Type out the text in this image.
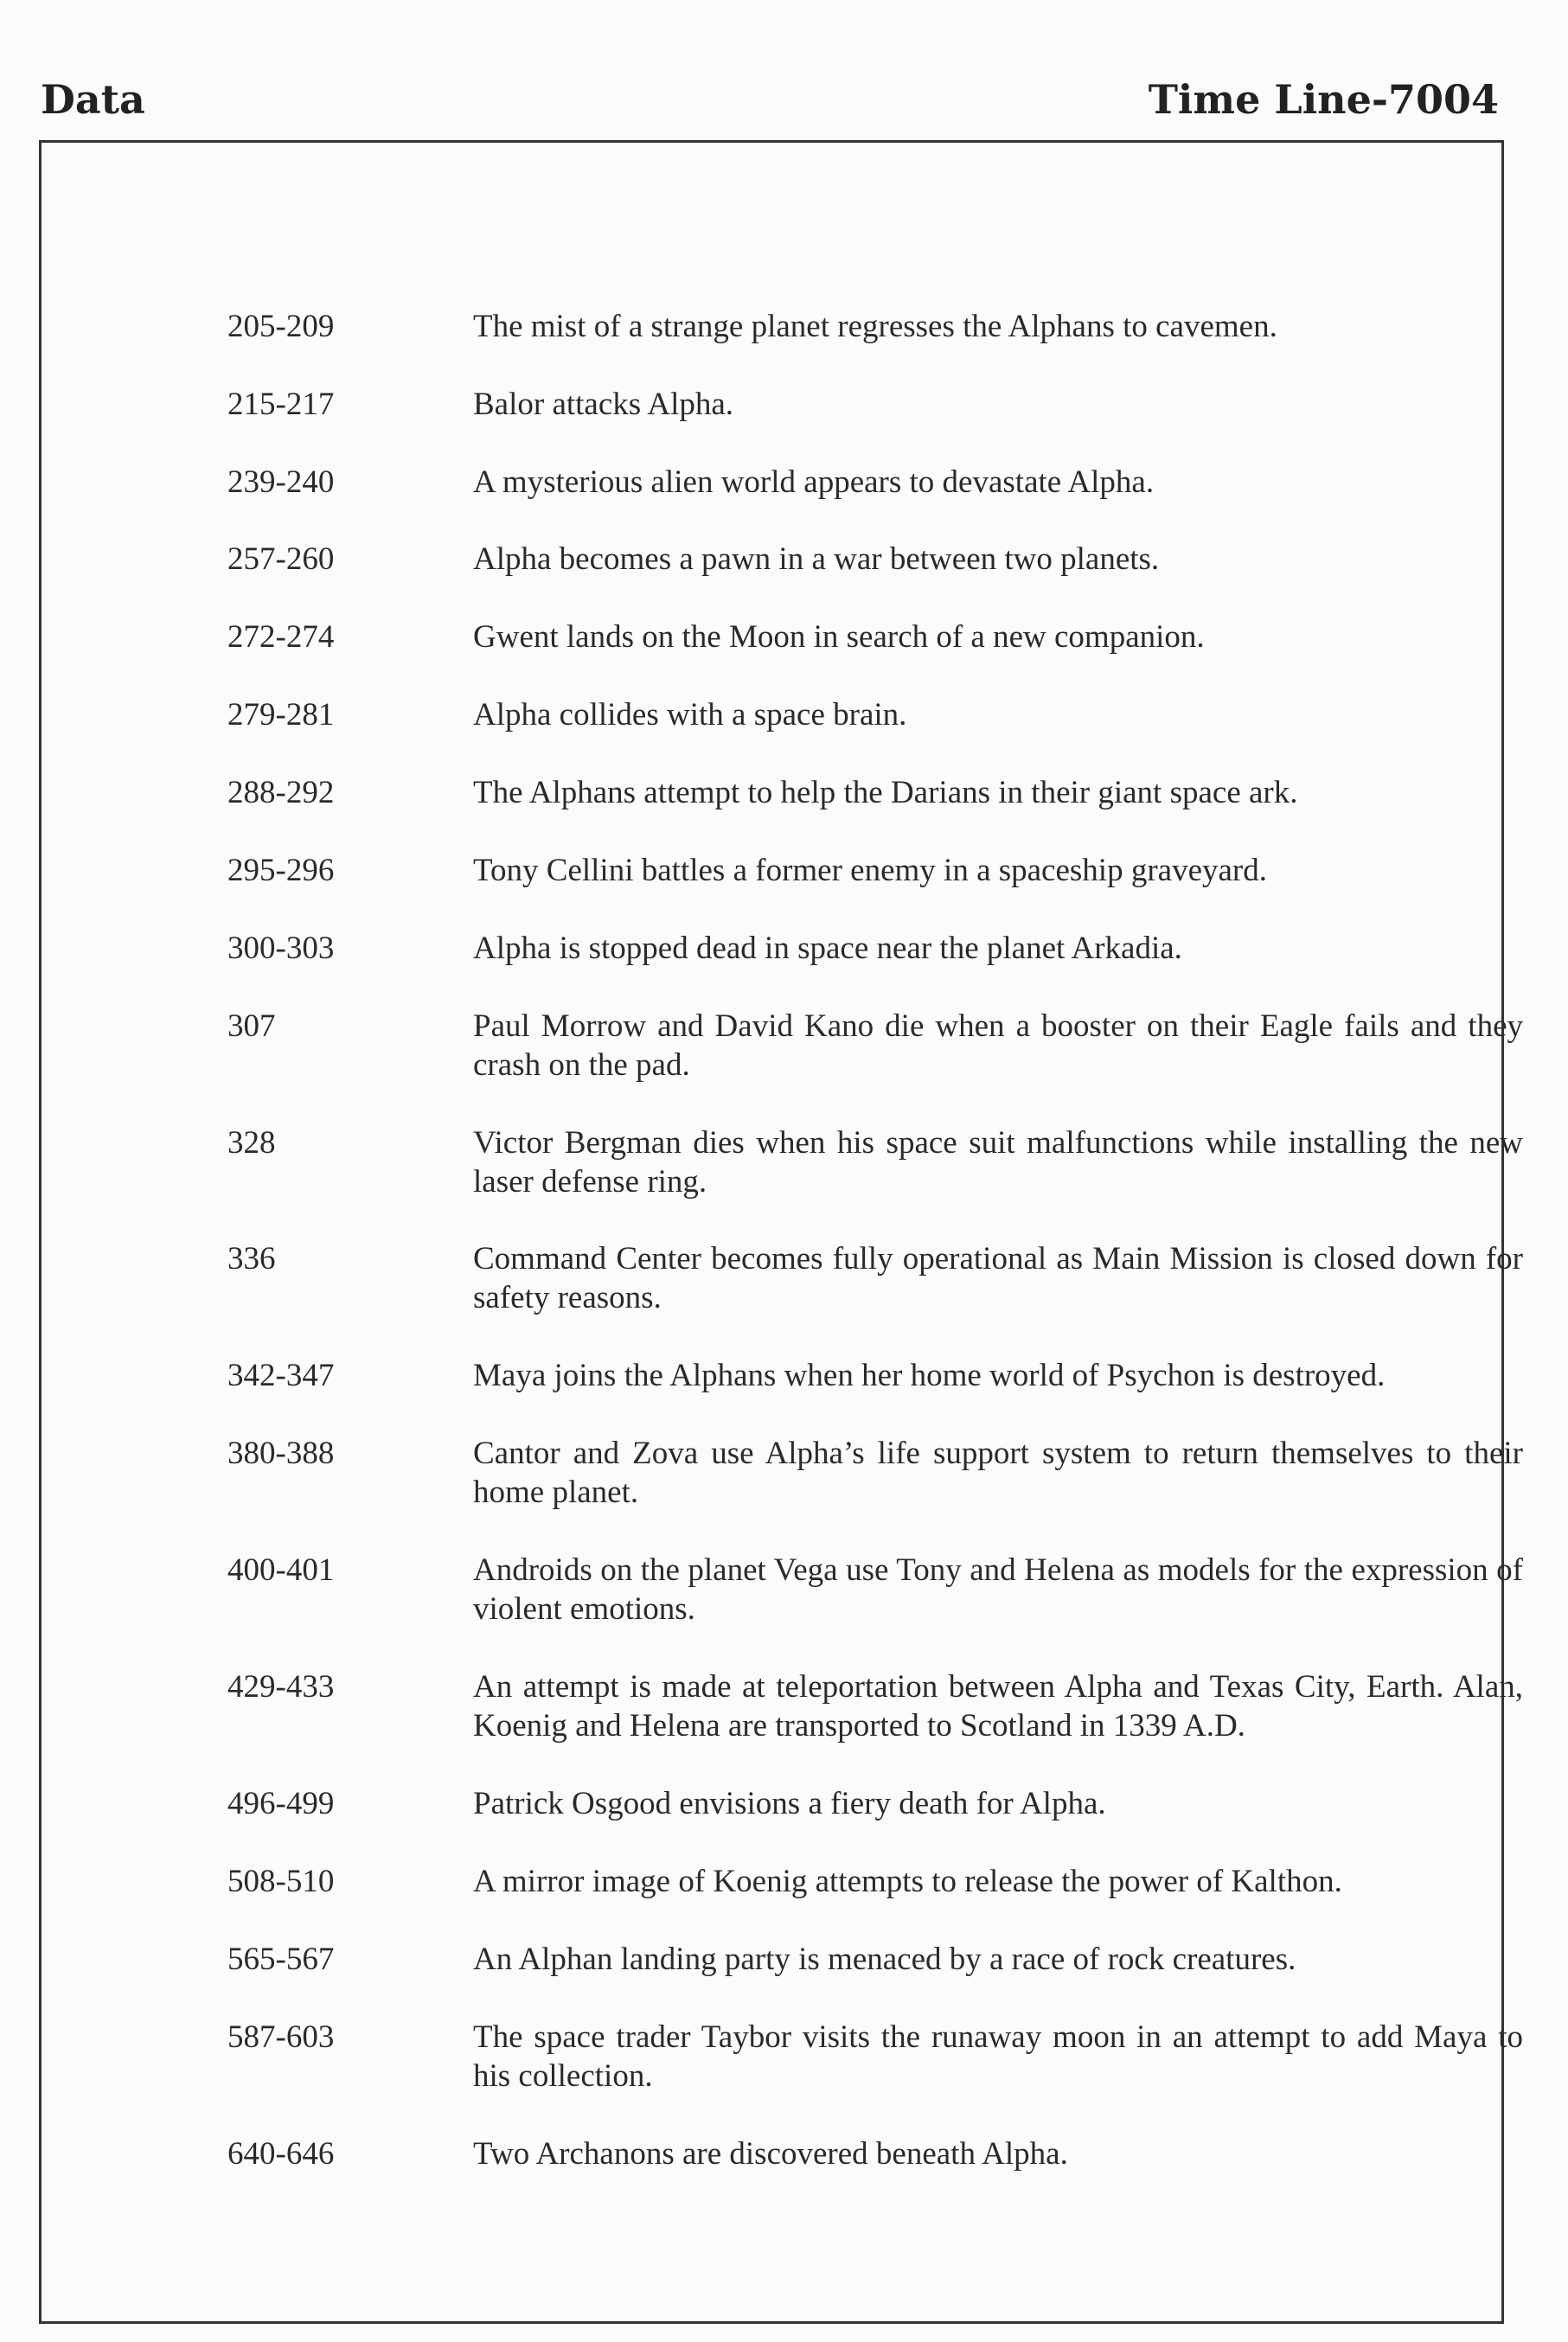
Data	Time Line-7004
205-209	The mist of a strange planet regresses the Alphans to cavemen.
215-217	Balor attacks Alpha.
239-240	A mysterious alien world appears to devastate Alpha.
257-260	Alpha becomes a pawn in a war between two planets.
272-274	Gwent lands on the Moon in search of a new companion.
279-281	Alpha collides with a space brain.
288-292	The Alphans attempt to help the Darians in their giant space ark.
295-296	Tony Cellini battles a former enemy in a spaceship graveyard.
300-303	Alpha is stopped dead in space near the planet Arkadia.
307	Paul Morrow and David Kano die when a booster on their Eagle fails and they crash on the pad.
328	Victor Bergman dies when his space suit malfunctions while installing the new laser defense ring.
336	Command Center becomes fully operational as Main Mission is closed down for safety reasons.
342-347	Maya joins the Alphans when her home world of Psychon is destroyed.
380-388	Cantor and Zova use Alpha’s life support system to return themselves to their home planet.
400-401	Androids on the planet Vega use Tony and Helena as models for the expression of violent emotions.
429-433	An attempt is made at teleportation between Alpha and Texas City, Earth. Alan, Koenig and Helena are transported to Scotland in 1339 A.D.
496-499	Patrick Osgood envisions a fiery death for Alpha.
508-510	A mirror image of Koenig attempts to release the power of Kalthon.
565-567	An Alphan landing party is menaced by a race of rock creatures.
587-603	The space trader Taybor visits the runaway moon in an attempt to add Maya to his collection.
640-646	Two Archanons are discovered beneath Alpha.
